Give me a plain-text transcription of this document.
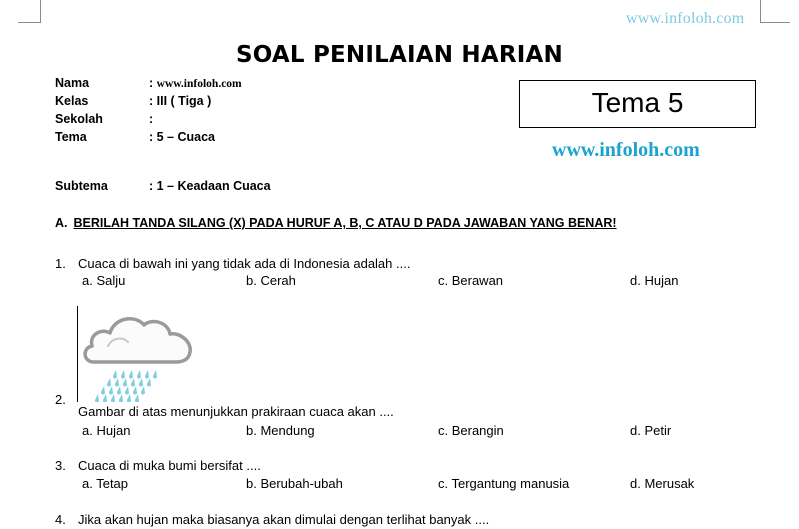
www.infoloh.com
SOAL PENILAIAN HARIAN
Nama	: www.infoloh.com
Kelas	: III ( Tiga )
Sekolah	:
Tema	: 5 – Cuaca
Subtema	: 1 – Keadaan Cuaca
Tema 5
www.infoloh.com
A. BERILAH TANDA SILANG (X) PADA HURUF A, B, C ATAU D PADA JAWABAN YANG BENAR!
1. Cuaca di bawah ini yang tidak ada di Indonesia adalah ....
a. Salju	b. Cerah	c. Berawan	d. Hujan
2.
Gambar di atas menunjukkan prakiraan cuaca akan ....
a. Hujan	b. Mendung	c. Berangin	d. Petir
3. Cuaca di muka bumi bersifat ....
a. Tetap	b. Berubah-ubah	c. Tergantung manusia	d. Merusak
4. Jika akan hujan maka biasanya akan dimulai dengan terlihat banyak ....
